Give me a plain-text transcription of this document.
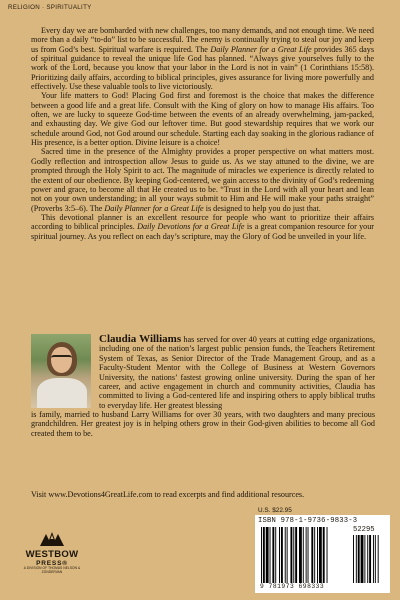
RELIGION · SPIRITUALITY

Every day we are bombarded with new challenges, too many demands, and not enough time. We need more than a daily “to-do” list to be successful. The enemy is continually trying to steal our joy and keep us from God’s best. Spiritual warfare is required. The Daily Planner for a Great Life provides 365 days of spiritual guidance to reveal the unique life God has planned. “Always give yourselves fully to the work of the Lord, because you know that your labor in the Lord is not in vain” (1 Corinthians 15:58). Prioritizing daily affairs, according to biblical principles, gives assurance for living more powerfully and effectively. Use these valuable tools to live victoriously.

Your life matters to God! Placing God first and foremost is the choice that makes the difference between a good life and a great life. Consult with the King of glory on how to manage His affairs. Too often, we are lucky to squeeze God-time between the events of an already overwhelming, jam-packed, and exhausting day. We give God our leftover time. But good stewardship requires that we work our schedule around God, not God around our schedule. Starting each day soaking in the glorious radiance of His presence, is a better option. Divine leisure is a choice!

Sacred time in the presence of the Almighty provides a proper perspective on what matters most. Godly reflection and introspection allow Jesus to guide us. As we stay attuned to the divine, we are prompted through the Holy Spirit to act. The magnitude of miracles we experience is directly related to the extent of our obedience. By keeping God-centered, we gain access to the divinity of God’s redeeming power and grace, to become all that He created us to be. “Trust in the Lord with all your heart and lean not on your own understanding; in all your ways submit to Him and He will make your paths straight” (Proverbs 3:5–6). The Daily Planner for a Great Life is designed to help you do just that.

This devotional planner is an excellent resource for people who want to prioritize their affairs according to biblical principles. Daily Devotions for a Great Life is a great companion resource for your spiritual journey. As you reflect on each day’s scripture, may the Glory of God be unveiled in your life.

Claudia Williams has served for over 40 years at cutting edge organizations, including one of the nation’s largest public pension funds, the Teachers Retirement System of Texas, as Senior Director of the Trade Management Group, and as a Faculty-Student Mentor with the College of Business at Western Governors University, the nations’ fastest growing online university. During the span of her career, and active engagement in church and community activities, Claudia has committed to living a God-centered life and inspiring others to apply biblical truths to everyday life. Her greatest blessing
is family, married to husband Larry Williams for over 30 years, with two daughters and many precious grandchildren. Her greatest joy is in helping others grow in their God-given abilities to become all God created them to be.
Visit www.Devotions4GreatLife.com to read excerpts and find additional resources.
WESTBOW
PRESS®
A DIVISION OF THOMAS NELSON & ZONDERVAN
U.S. $22.95
ISBN 978-1-9736-9833-3
52295
9 781973 698333
